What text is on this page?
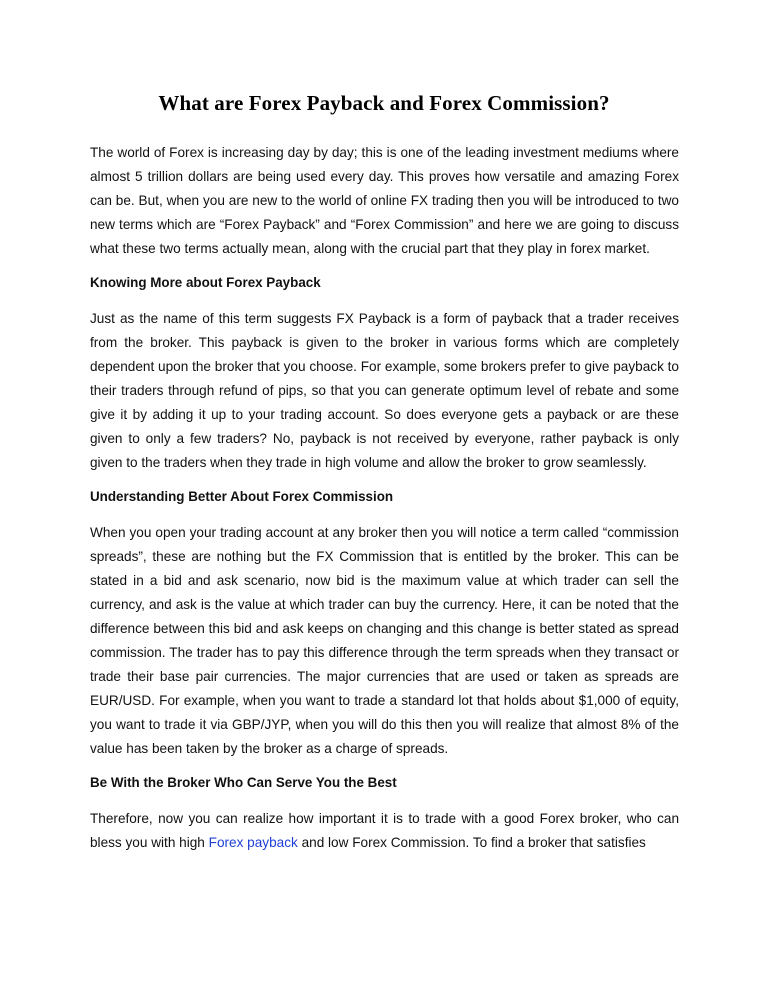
What are Forex Payback and Forex Commission?

The world of Forex is increasing day by day; this is one of the leading investment mediums where almost 5 trillion dollars are being used every day. This proves how versatile and amazing Forex can be. But, when you are new to the world of online FX trading then you will be introduced to two new terms which are “Forex Payback” and “Forex Commission” and here we are going to discuss what these two terms actually mean, along with the crucial part that they play in forex market.

Knowing More about Forex Payback

Just as the name of this term suggests FX Payback is a form of payback that a trader receives from the broker. This payback is given to the broker in various forms which are completely dependent upon the broker that you choose. For example, some brokers prefer to give payback to their traders through refund of pips, so that you can generate optimum level of rebate and some give it by adding it up to your trading account. So does everyone gets a payback or are these given to only a few traders? No, payback is not received by everyone, rather payback is only given to the traders when they trade in high volume and allow the broker to grow seamlessly.

Understanding Better About Forex Commission

When you open your trading account at any broker then you will notice a term called “commission spreads”, these are nothing but the FX Commission that is entitled by the broker. This can be stated in a bid and ask scenario, now bid is the maximum value at which trader can sell the currency, and ask is the value at which trader can buy the currency. Here, it can be noted that the difference between this bid and ask keeps on changing and this change is better stated as spread commission. The trader has to pay this difference through the term spreads when they transact or trade their base pair currencies. The major currencies that are used or taken as spreads are EUR/USD. For example, when you want to trade a standard lot that holds about $1,000 of equity, you want to trade it via GBP/JYP, when you will do this then you will realize that almost 8% of the value has been taken by the broker as a charge of spreads.

Be With the Broker Who Can Serve You the Best

Therefore, now you can realize how important it is to trade with a good Forex broker, who can bless you with high Forex payback and low Forex Commission. To find a broker that satisfies
